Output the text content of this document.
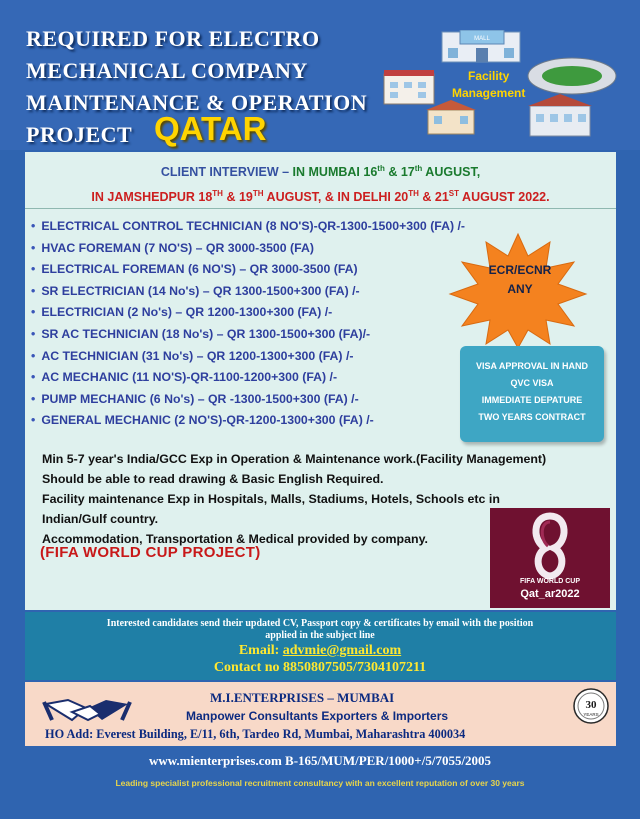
REQUIRED FOR ELECTRO
MECHANICAL COMPANY
MAINTENANCE & OPERATION
PROJECT QATAR
MALL
Facility
Management
CLIENT INTERVIEW – IN MUMBAI 16th & 17th AUGUST,
IN JAMSHEDPUR 18TH & 19TH AUGUST, & IN DELHI 20TH & 21ST AUGUST 2022.
• ELECTRICAL CONTROL TECHNICIAN (8 NO'S)-QR-1300-1500+300 (FA) /-
• HVAC FOREMAN (7 NO'S) – QR 3000-3500 (FA)
• ELECTRICAL FOREMAN (6 NO'S) – QR 3000-3500 (FA)
• SR ELECTRICIAN (14 No's) – QR 1300-1500+300 (FA) /-
• ELECTRICIAN (2 No's) – QR 1200-1300+300 (FA) /-
• SR AC TECHNICIAN (18 No's) – QR 1300-1500+300 (FA)/-
• AC TECHNICIAN (31 No's) – QR 1200-1300+300 (FA) /-
• AC MECHANIC (11 NO'S)-QR-1100-1200+300 (FA) /-
• PUMP MECHANIC (6 No's) – QR -1300-1500+300 (FA) /-
• GENERAL MECHANIC (2 NO'S)-QR-1200-1300+300 (FA) /-
ECR/ECNR
ANY
VISA APPROVAL IN HAND
QVC VISA
IMMEDIATE DEPATURE
TWO YEARS CONTRACT
Min 5-7 year's India/GCC Exp in Operation & Maintenance work.(Facility Management)
Should be able to read drawing & Basic English Required.
Facility maintenance Exp in Hospitals, Malls, Stadiums, Hotels, Schools etc in
Indian/Gulf country.
Accommodation, Transportation & Medical provided by company.
(FIFA WORLD CUP PROJECT)
FIFA WORLD CUP
Qat_ar2022
Interested candidates send their updated CV, Passport copy & certificates by email with the position
applied in the subject line
Email: advmie@gmail.com
Contact no 8850807505/7304107211
M.I.ENTERPRISES – MUMBAI
Manpower Consultants Exporters & Importers
HO Add: Everest Building, E/11, 6th, Tardeo Rd, Mumbai, Maharashtra 400034
30
YEARS
www.mienterprises.com B-165/MUM/PER/1000+/5/7055/2005
Leading specialist professional recruitment consultancy with an excellent reputation of over 30 years
